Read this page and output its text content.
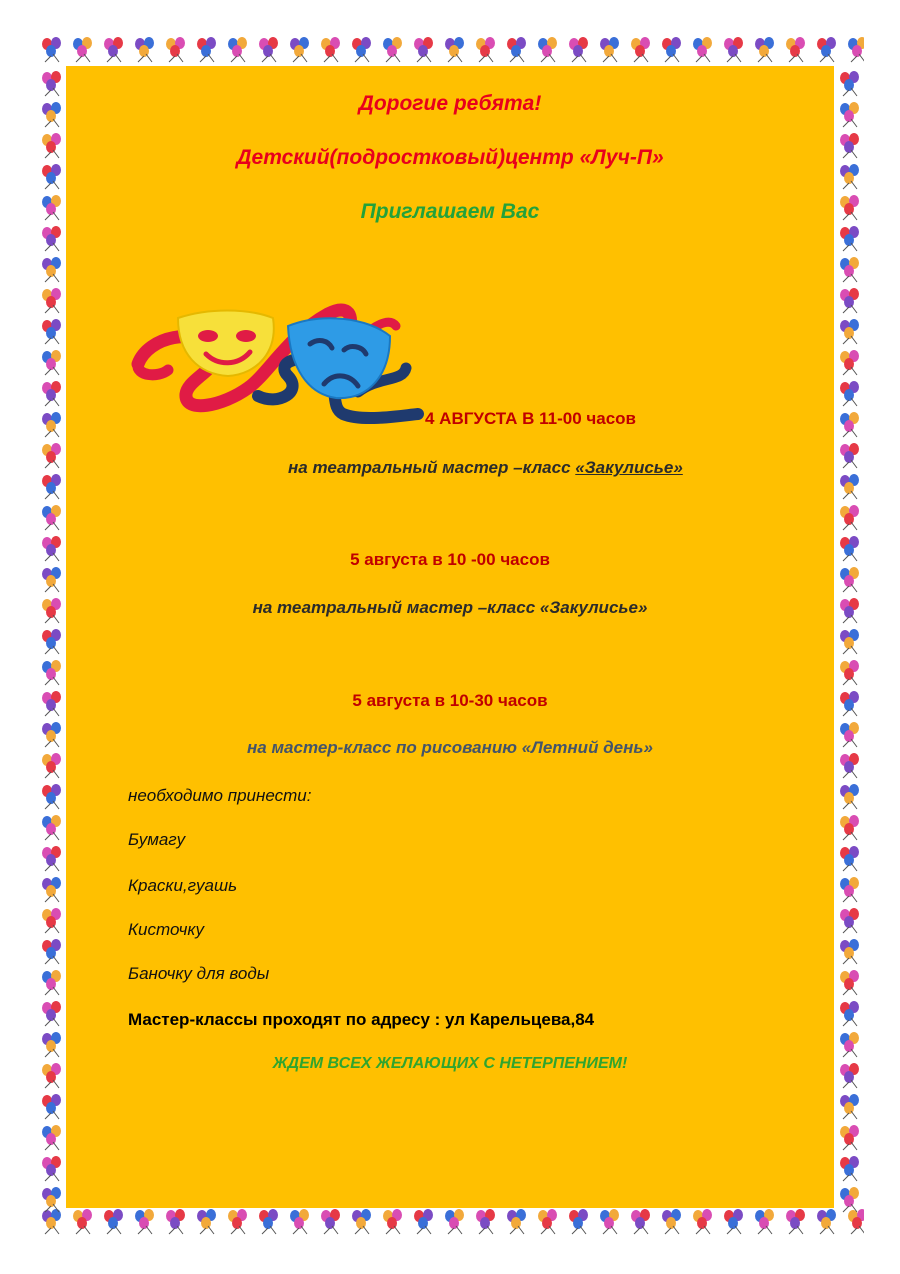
Дорогие ребята!
Детский(подростковый)центр «Луч-П»
Приглашаем Вас
4 АВГУСТА В 11-00 часов
на театральный мастер –класс «Закулисье»
5 августа в 10 -00 часов
на театральный мастер –класс «Закулисье»
5 августа в 10-30 часов
на мастер-класс по рисованию «Летний день»
необходимо принести:
Бумагу
Краски,гуашь
Кисточку
Баночку для воды
Мастер-классы проходят по адресу : ул Карельцева,84
ЖДЕМ ВСЕХ ЖЕЛАЮЩИХ С НЕТЕРПЕНИЕМ!
